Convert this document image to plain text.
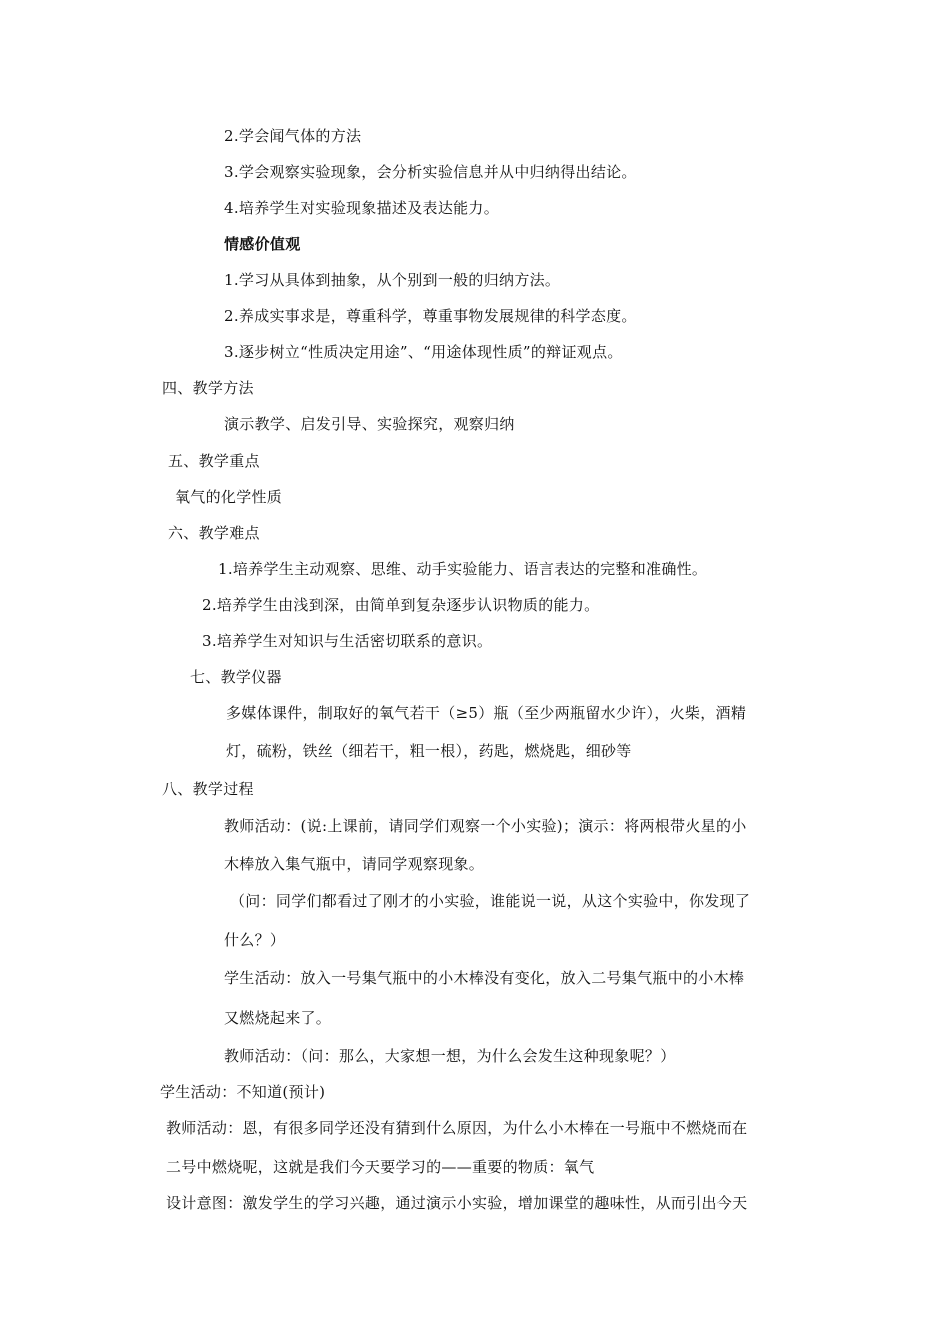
2.学会闻气体的方法
3.学会观察实验现象，会分析实验信息并从中归纳得出结论。
4.培养学生对实验现象描述及表达能力。
情感价值观
1.学习从具体到抽象，从个别到一般的归纳方法。
2.养成实事求是，尊重科学，尊重事物发展规律的科学态度。
3.逐步树立“性质决定用途”、“用途体现性质”的辩证观点。
四、教学方法
演示教学、启发引导、实验探究，观察归纳
五、教学重点
氧气的化学性质
六、教学难点
1.培养学生主动观察、思维、动手实验能力、语言表达的完整和准确性。
2.培养学生由浅到深，由简单到复杂逐步认识物质的能力。
3.培养学生对知识与生活密切联系的意识。
七、教学仪器
多媒体课件，制取好的氧气若干（≥5）瓶（至少两瓶留水少许），火柴，酒精
灯，硫粉，铁丝（细若干，粗一根），药匙，燃烧匙，细砂等
八、教学过程
教师活动：(说:上课前，请同学们观察一个小实验)；演示：将两根带火星的小
木棒放入集气瓶中，请同学观察现象。
（问：同学们都看过了刚才的小实验，谁能说一说，从这个实验中，你发现了
什么？）
学生活动：放入一号集气瓶中的小木棒没有变化，放入二号集气瓶中的小木棒
又燃烧起来了。
教师活动：（问：那么，大家想一想，为什么会发生这种现象呢？）
学生活动：不知道(预计)
教师活动：恩，有很多同学还没有猜到什么原因，为什么小木棒在一号瓶中不燃烧而在
二号中燃烧呢，这就是我们今天要学习的——重要的物质：氧气
设计意图：激发学生的学习兴趣，通过演示小实验，增加课堂的趣味性，从而引出今天
